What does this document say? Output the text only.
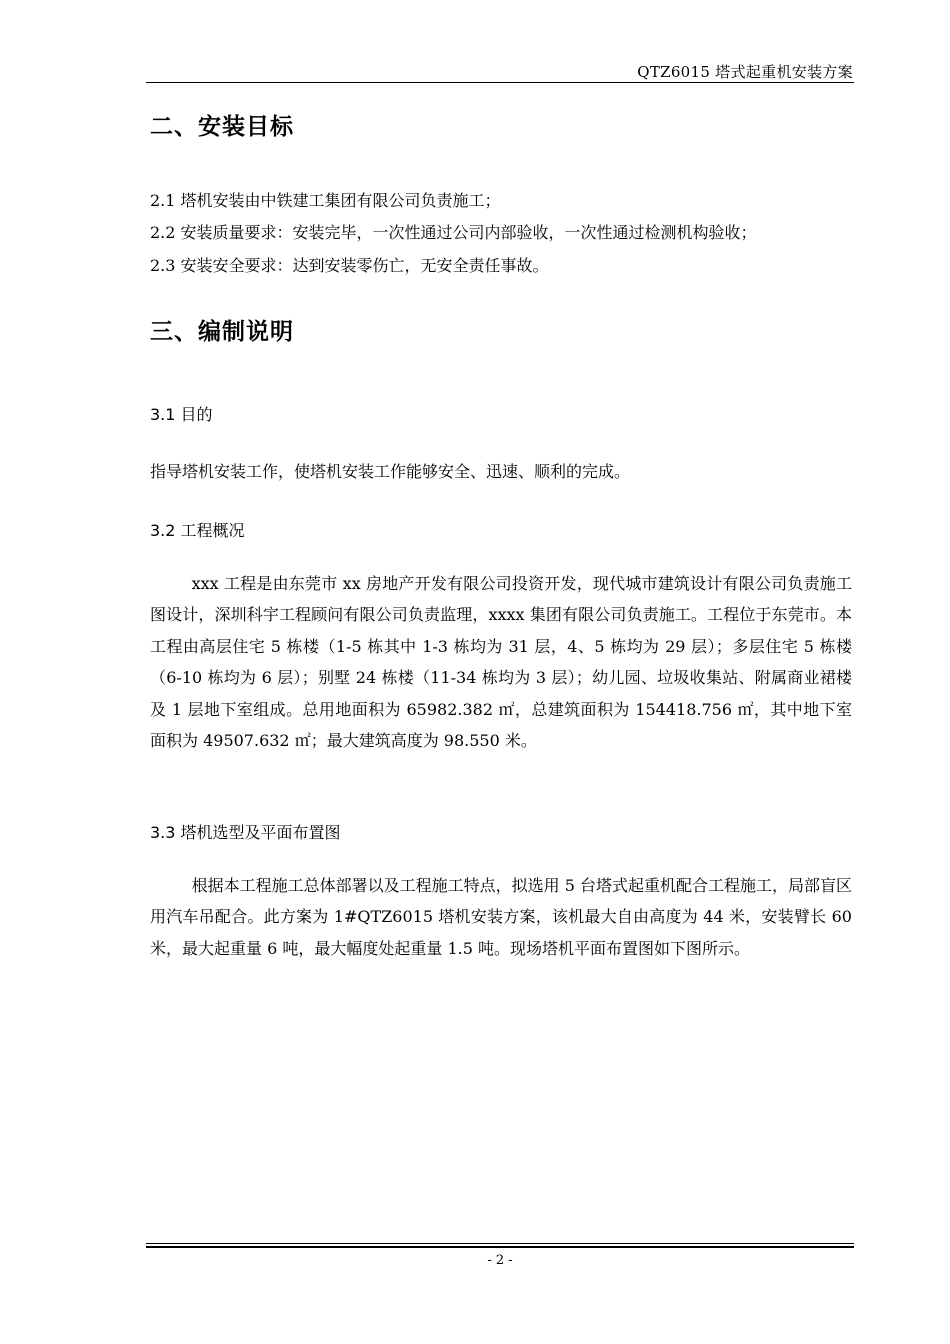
QTZ6015 塔式起重机安装方案
二、安装目标

2.1 塔机安装由中铁建工集团有限公司负责施工；

2.2 安装质量要求：安装完毕，一次性通过公司内部验收，一次性通过检测机构验收；

2.3 安装安全要求：达到安装零伤亡，无安全责任事故。

三、编制说明

3.1 目的

指导塔机安装工作，使塔机安装工作能够安全、迅速、顺利的完成。

3.2 工程概况

xxx 工程是由东莞市 xx 房地产开发有限公司投资开发，现代城市建筑设计有限公司负责施工图设计，深圳科宇工程顾问有限公司负责监理，xxxx 集团有限公司负责施工。工程位于东莞市。本工程由高层住宅 5 栋楼（1-5 栋其中 1-3 栋均为 31 层，4、5 栋均为 29 层）；多层住宅 5 栋楼（6-10 栋均为 6 层）；别墅 24 栋楼（11-34 栋均为 3 层）；幼儿园、垃圾收集站、附属商业裙楼及 1 层地下室组成。总用地面积为 65982.382 ㎡，总建筑面积为 154418.756 ㎡，其中地下室面积为 49507.632 ㎡；最大建筑高度为 98.550 米。

3.3 塔机选型及平面布置图

根据本工程施工总体部署以及工程施工特点，拟选用 5 台塔式起重机配合工程施工，局部盲区用汽车吊配合。此方案为 1#QTZ6015 塔机安装方案，该机最大自由高度为 44 米，安装臂长 60 米，最大起重量 6 吨，最大幅度处起重量 1.5 吨。现场塔机平面布置图如下图所示。

- 2 -
